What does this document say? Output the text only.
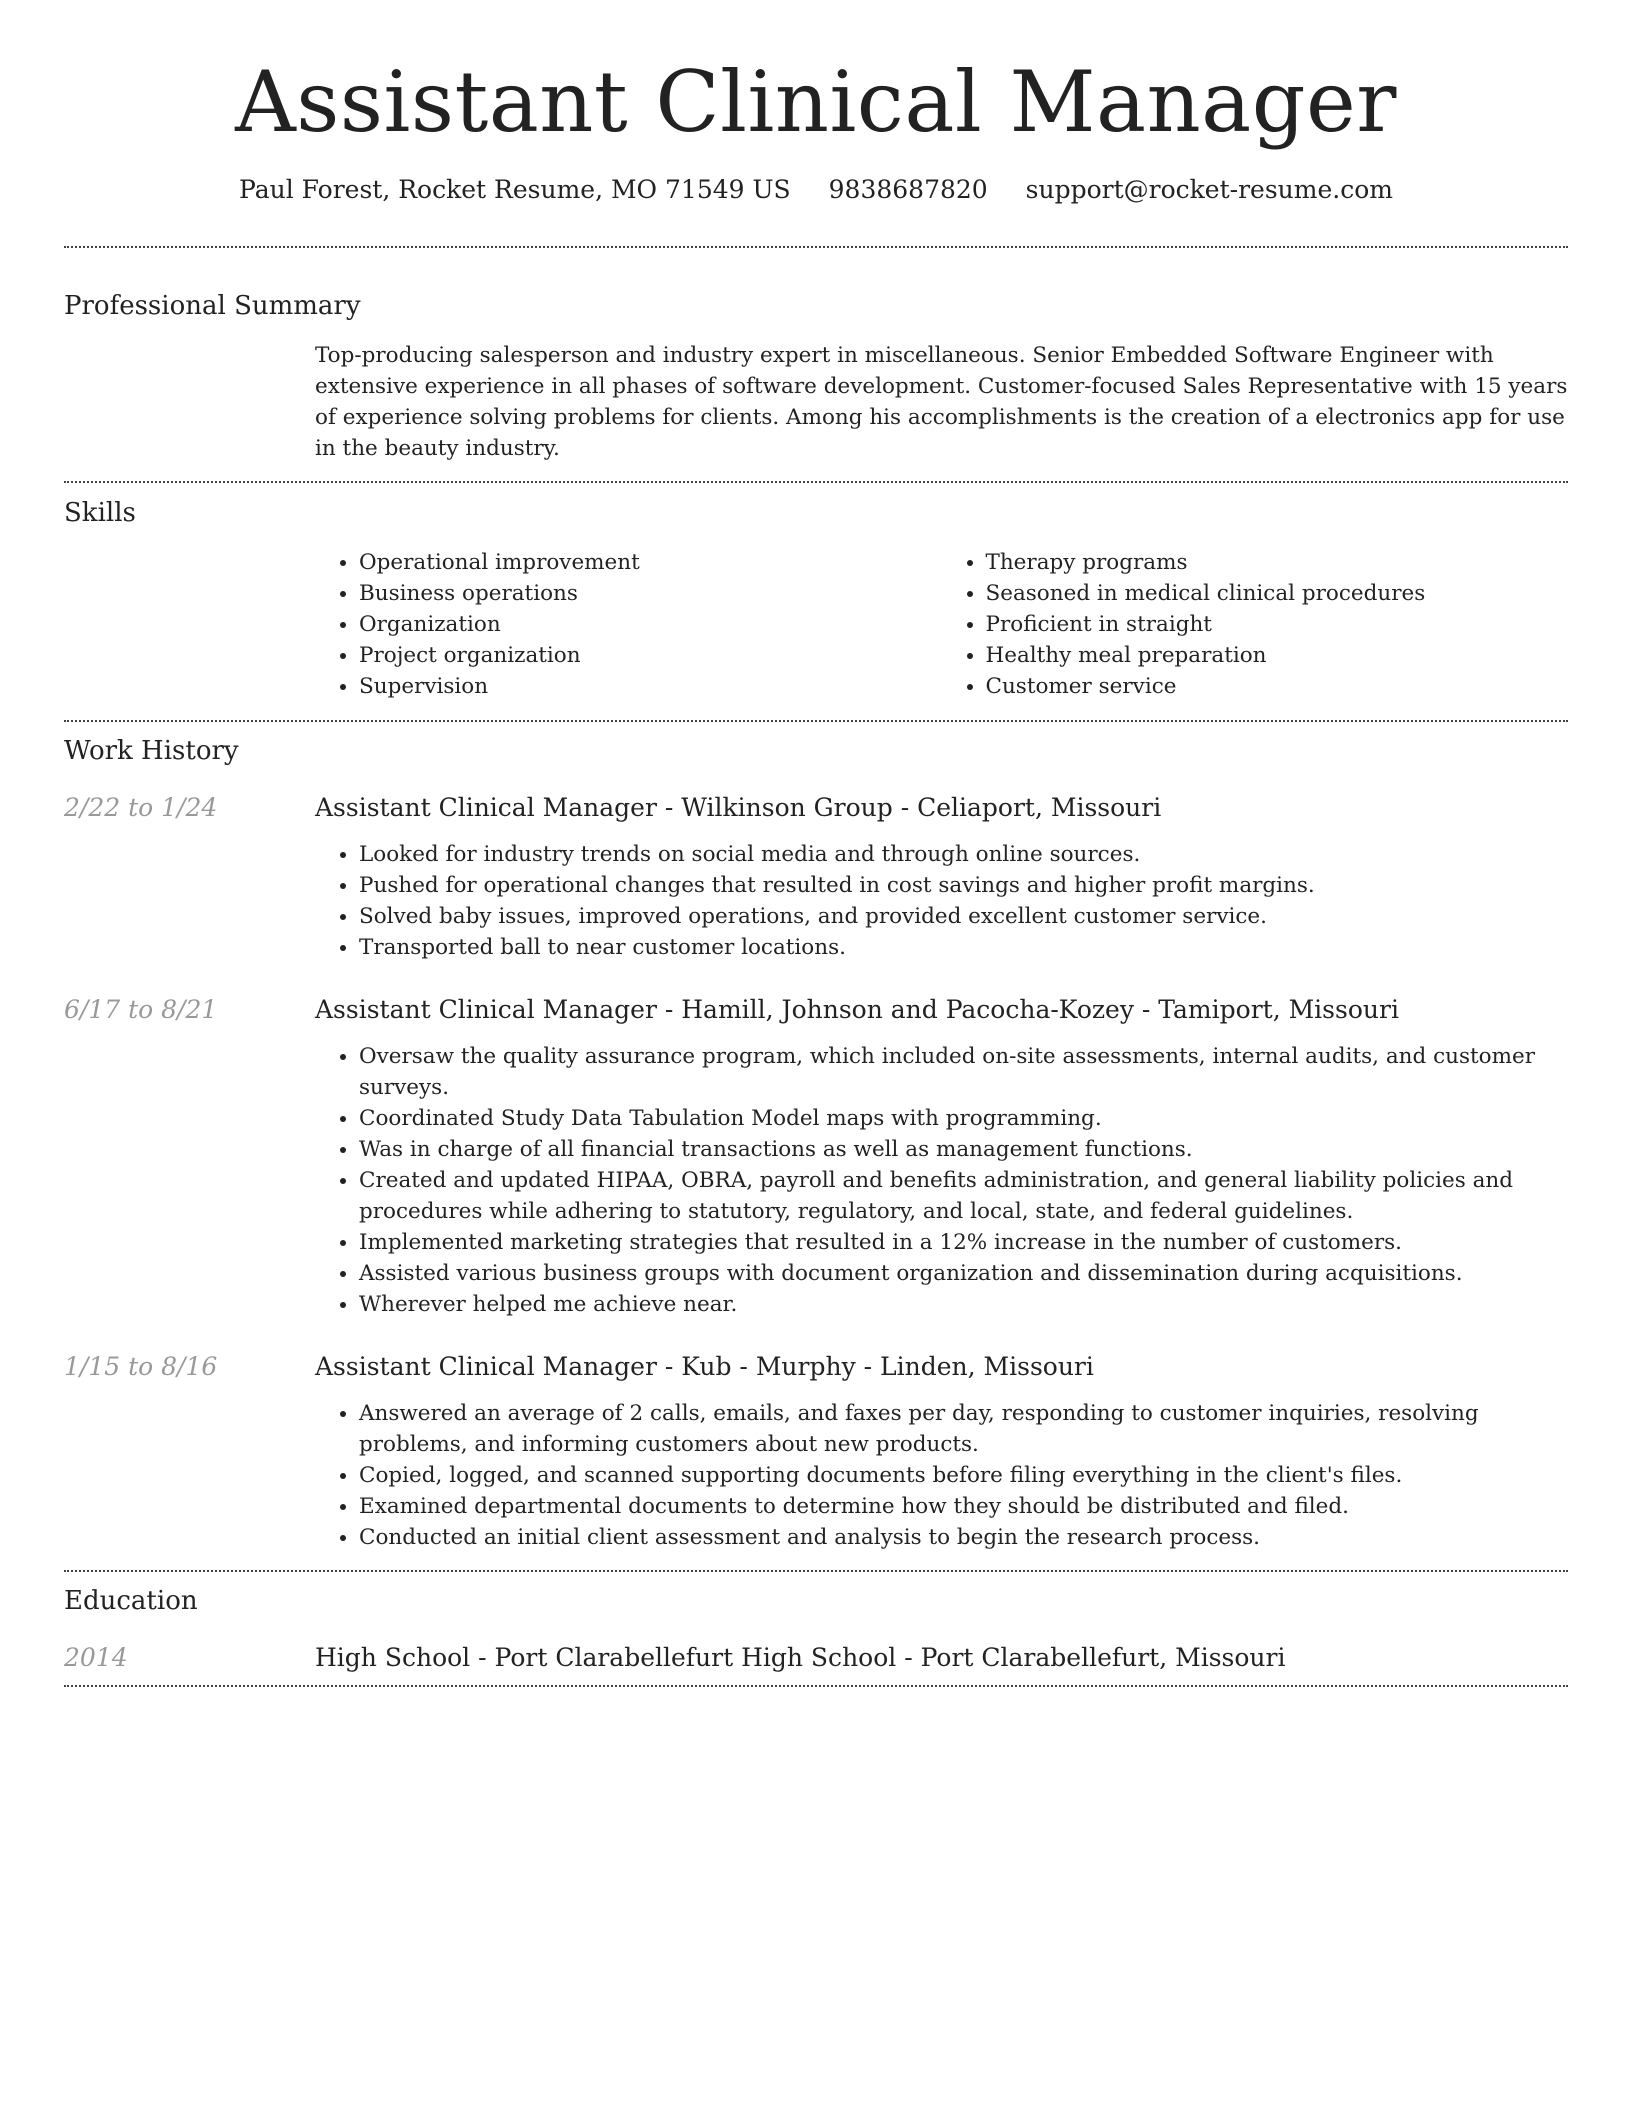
Assistant Clinical Manager
Paul Forest, Rocket Resume, MO 71549 US 9838687820 support@rocket-resume.com
Professional Summary

Top-producing salesperson and industry expert in miscellaneous. Senior Embedded Software Engineer with extensive experience in all phases of software development. Customer-focused Sales Representative with 15 years of experience solving problems for clients. Among his accomplishments is the creation of a electronics app for use in the beauty industry.

Skills
• Operational improvement
• Business operations
• Organization
• Project organization
• Supervision
• Therapy programs
• Seasoned in medical clinical procedures
• Proficient in straight
• Healthy meal preparation
• Customer service
Work History
2/22 to 1/24	Assistant Clinical Manager - Wilkinson Group - Celiaport, Missouri
• Looked for industry trends on social media and through online sources.
• Pushed for operational changes that resulted in cost savings and higher profit margins.
• Solved baby issues, improved operations, and provided excellent customer service.
• Transported ball to near customer locations.
6/17 to 8/21	Assistant Clinical Manager - Hamill, Johnson and Pacocha-Kozey - Tamiport, Missouri
• Oversaw the quality assurance program, which included on-site assessments, internal audits, and customer surveys.
• Coordinated Study Data Tabulation Model maps with programming.
• Was in charge of all financial transactions as well as management functions.
• Created and updated HIPAA, OBRA, payroll and benefits administration, and general liability policies and procedures while adhering to statutory, regulatory, and local, state, and federal guidelines.
• Implemented marketing strategies that resulted in a 12% increase in the number of customers.
• Assisted various business groups with document organization and dissemination during acquisitions.
• Wherever helped me achieve near.
1/15 to 8/16	Assistant Clinical Manager - Kub - Murphy - Linden, Missouri
• Answered an average of 2 calls, emails, and faxes per day, responding to customer inquiries, resolving problems, and informing customers about new products.
• Copied, logged, and scanned supporting documents before filing everything in the client's files.
• Examined departmental documents to determine how they should be distributed and filed.
• Conducted an initial client assessment and analysis to begin the research process.
Education
2014	High School - Port Clarabellefurt High School - Port Clarabellefurt, Missouri
